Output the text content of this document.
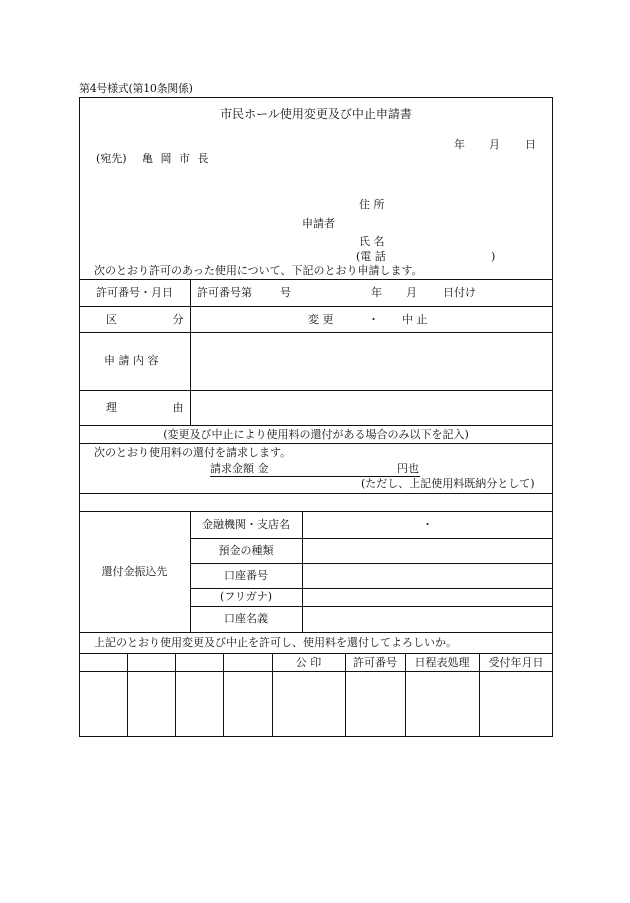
第4号様式(第10条関係)
市民ホール使用変更及び中止申請書
年 月 日
(宛先) 亀 岡 市 長
住 所
申請者
氏 名
(電 話	)
次のとおり許可のあった使用について、下記のとおり申請します。
許可番号・月日	許可番号第	号	年 月 日付け
区 分	変 更	・ 中 止
申 請 内 容
理 由
(変更及び中止により使用料の還付がある場合のみ以下を記入)
次のとおり使用料の還付を請求します。
請求金額 金	円也
(ただし、上記使用料既納分として)
還付金振込先
金融機関・支店名	・
預金の種類
口座番号
(フリガナ)
口座名義
上記のとおり使用変更及び中止を許可し、使用料を還付してよろしいか。
公 印	許可番号	日程表処理	受付年月日
